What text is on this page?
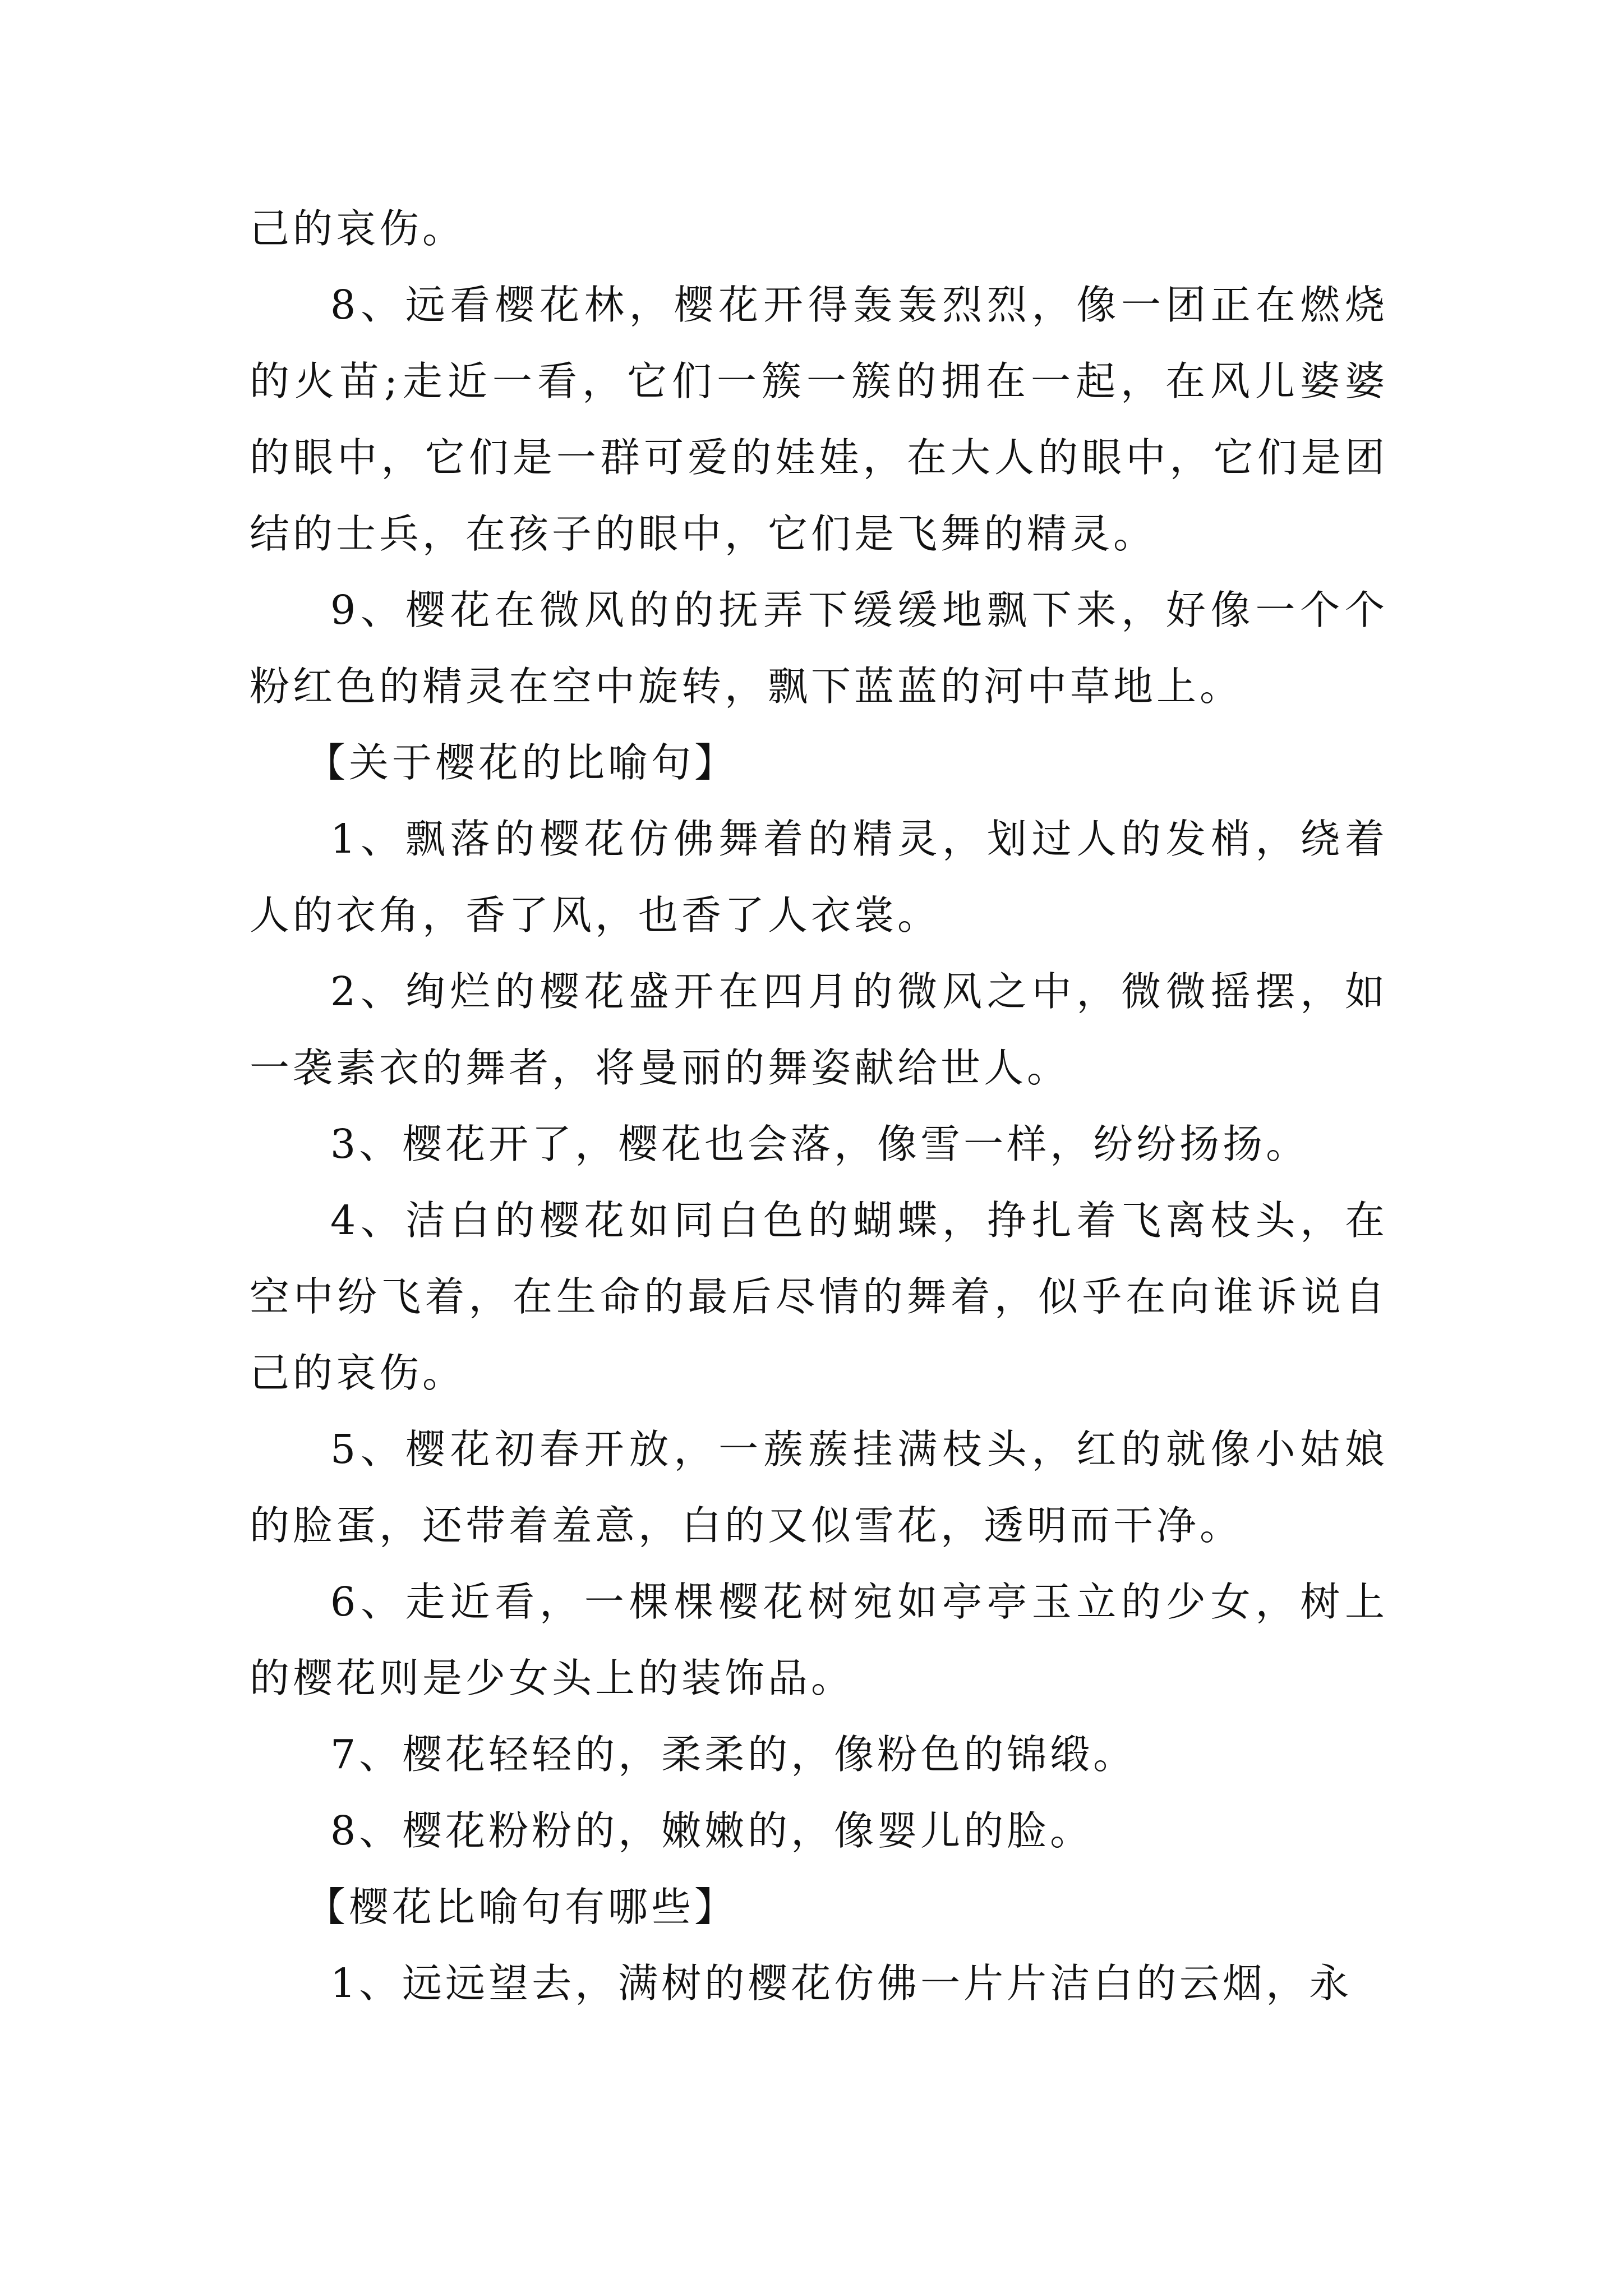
己的哀伤。

8、远看樱花林，樱花开得轰轰烈烈，像一团正在燃烧的火苗;走近一看，它们一簇一簇的拥在一起，在风儿婆婆的眼中，它们是一群可爱的娃娃，在大人的眼中，它们是团结的士兵，在孩子的眼中，它们是飞舞的精灵。

9、樱花在微风的的抚弄下缓缓地飘下来，好像一个个粉红色的精灵在空中旋转，飘下蓝蓝的河中草地上。

【关于樱花的比喻句】

1、飘落的樱花仿佛舞着的精灵，划过人的发梢，绕着人的衣角，香了风，也香了人衣裳。

2、绚烂的樱花盛开在四月的微风之中，微微摇摆，如一袭素衣的舞者，将曼丽的舞姿献给世人。

3、樱花开了，樱花也会落，像雪一样，纷纷扬扬。

4、洁白的樱花如同白色的蝴蝶，挣扎着飞离枝头，在空中纷飞着，在生命的最后尽情的舞着，似乎在向谁诉说自己的哀伤。

5、樱花初春开放，一蔟蔟挂满枝头，红的就像小姑娘的脸蛋，还带着羞意，白的又似雪花，透明而干净。

6、走近看，一棵棵樱花树宛如亭亭玉立的少女，树上的樱花则是少女头上的装饰品。

7、樱花轻轻的，柔柔的，像粉色的锦缎。

8、樱花粉粉的，嫩嫩的，像婴儿的脸。

【樱花比喻句有哪些】

1、远远望去，满树的樱花仿佛一片片洁白的云烟，永
